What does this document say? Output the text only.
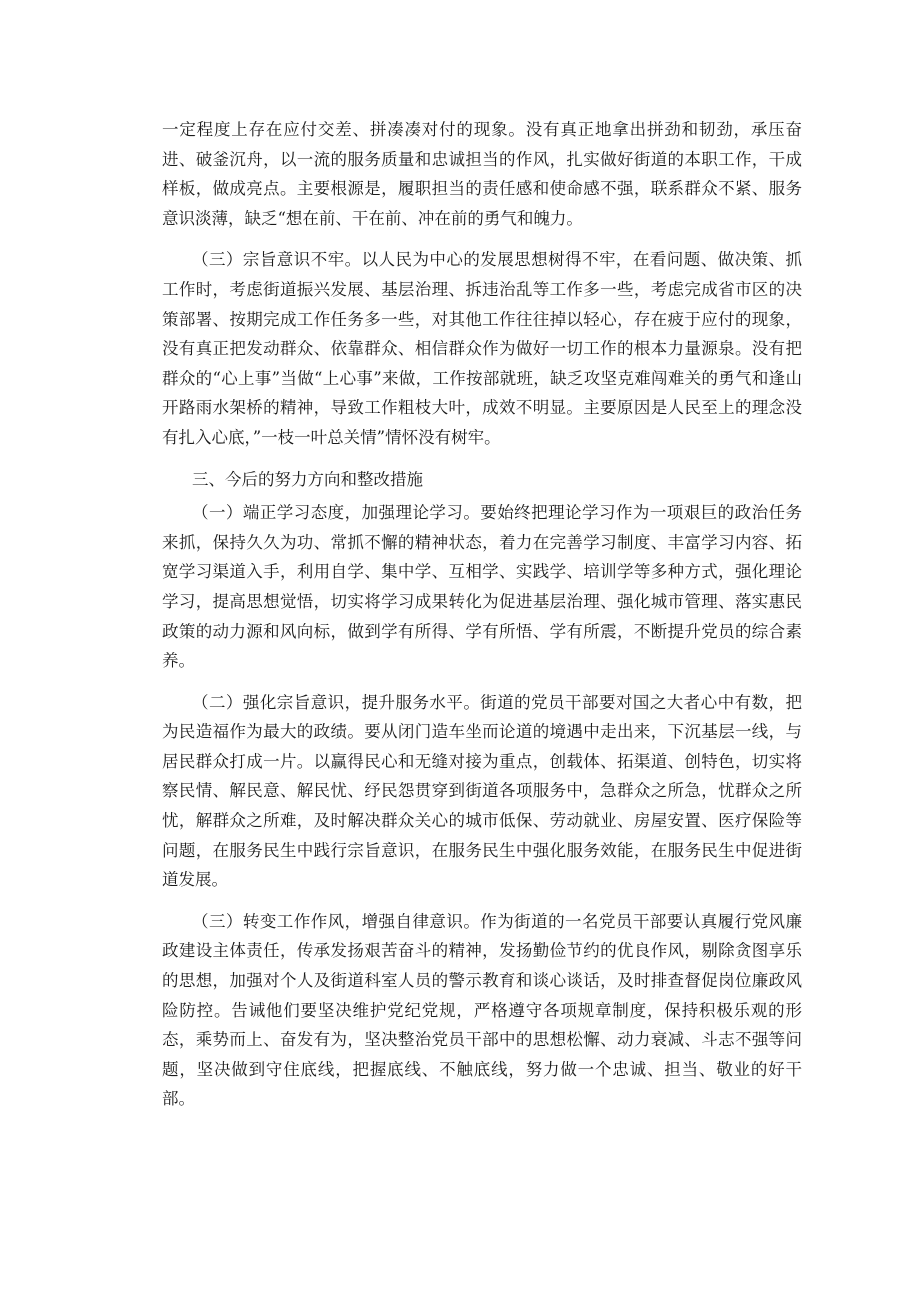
一定程度上存在应付交差、拼凑凑对付的现象。没有真正地拿出拼劲和韧劲，承压奋进、破釜沉舟，以一流的服务质量和忠诚担当的作风，扎实做好街道的本职工作，干成样板，做成亮点。主要根源是，履职担当的责任感和使命感不强，联系群众不紧、服务意识淡薄，缺乏“想在前、干在前、冲在前的勇气和魄力。

（三）宗旨意识不牢。以人民为中心的发展思想树得不牢，在看问题、做决策、抓工作时，考虑街道振兴发展、基层治理、拆违治乱等工作多一些，考虑完成省市区的决策部署、按期完成工作任务多一些，对其他工作往往掉以轻心，存在疲于应付的现象，没有真正把发动群众、依靠群众、相信群众作为做好一切工作的根本力量源泉。没有把群众的“心上事”当做“上心事”来做，工作按部就班，缺乏攻坚克难闯难关的勇气和逢山开路雨水架桥的精神，导致工作粗枝大叶，成效不明显。主要原因是人民至上的理念没有扎入心底，”一枝一叶总关情”情怀没有树牢。

三、今后的努力方向和整改措施

（一）端正学习态度，加强理论学习。要始终把理论学习作为一项艰巨的政治任务来抓，保持久久为功、常抓不懈的精神状态，着力在完善学习制度、丰富学习内容、拓宽学习渠道入手，利用自学、集中学、互相学、实践学、培训学等多种方式，强化理论学习，提高思想觉悟，切实将学习成果转化为促进基层治理、强化城市管理、落实惠民政策的动力源和风向标，做到学有所得、学有所悟、学有所震，不断提升党员的综合素养。

（二）强化宗旨意识，提升服务水平。街道的党员干部要对国之大者心中有数，把为民造福作为最大的政绩。要从闭门造车坐而论道的境遇中走出来，下沉基层一线，与居民群众打成一片。以赢得民心和无缝对接为重点，创载体、拓渠道、创特色，切实将察民情、解民意、解民忧、纾民怨贯穿到街道各项服务中，急群众之所急，忧群众之所忧，解群众之所难，及时解决群众关心的城市低保、劳动就业、房屋安置、医疗保险等问题，在服务民生中践行宗旨意识，在服务民生中强化服务效能，在服务民生中促进街道发展。

（三）转变工作作风，增强自律意识。作为街道的一名党员干部要认真履行党风廉政建设主体责任，传承发扬艰苦奋斗的精神，发扬勤俭节约的优良作风，剔除贪图享乐的思想，加强对个人及街道科室人员的警示教育和谈心谈话，及时排查督促岗位廉政风险防控。告诫他们要坚决维护党纪党规，严格遵守各项规章制度，保持积极乐观的形态，乘势而上、奋发有为，坚决整治党员干部中的思想松懈、动力衰减、斗志不强等问题，坚决做到守住底线，把握底线、不触底线，努力做一个忠诚、担当、敬业的好干部。
